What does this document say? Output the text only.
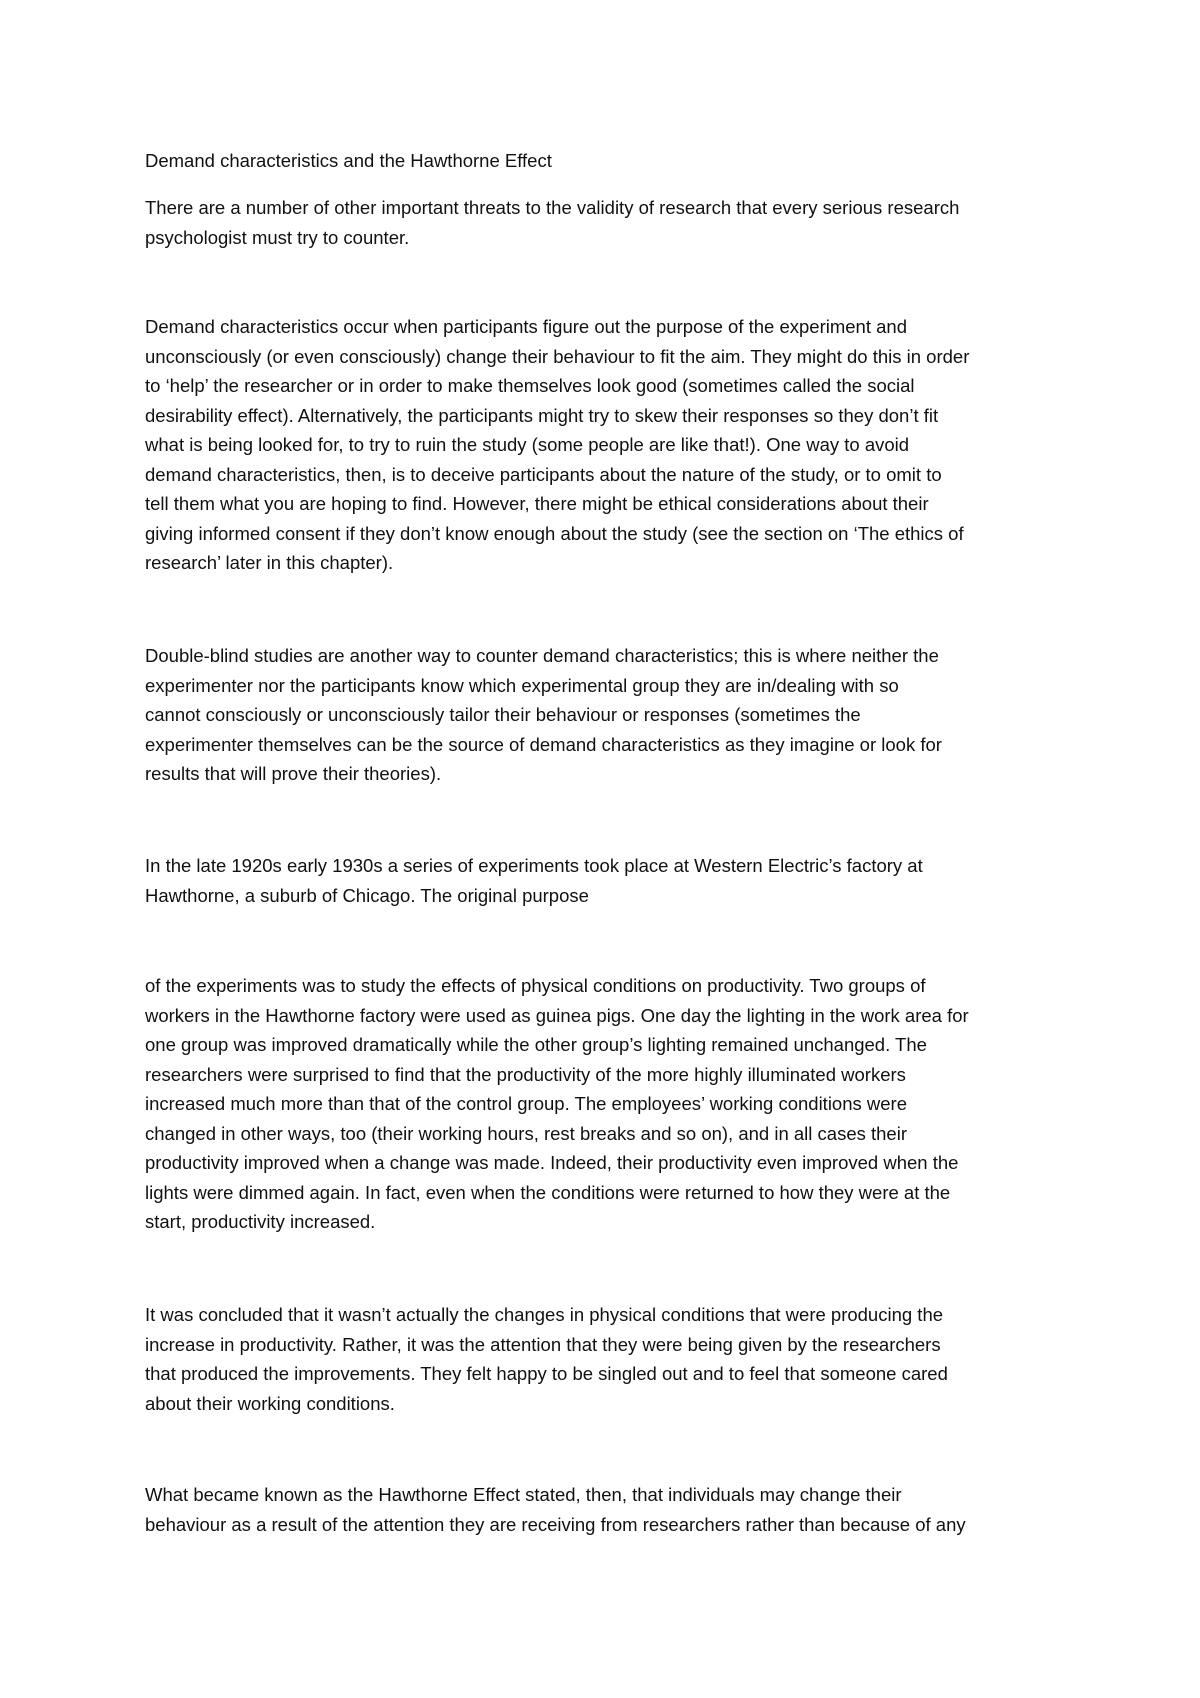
Demand characteristics and the Hawthorne Effect

There are a number of other important threats to the validity of research that every serious research
psychologist must try to counter.

Demand characteristics occur when participants figure out the purpose of the experiment and
unconsciously (or even consciously) change their behaviour to fit the aim. They might do this in order
to ‘help’ the researcher or in order to make themselves look good (sometimes called the social
desirability effect). Alternatively, the participants might try to skew their responses so they don’t fit
what is being looked for, to try to ruin the study (some people are like that!). One way to avoid
demand characteristics, then, is to deceive participants about the nature of the study, or to omit to
tell them what you are hoping to find. However, there might be ethical considerations about their
giving informed consent if they don’t know enough about the study (see the section on ‘The ethics of
research’ later in this chapter).

Double-blind studies are another way to counter demand characteristics; this is where neither the
experimenter nor the participants know which experimental group they are in/dealing with so
cannot consciously or unconsciously tailor their behaviour or responses (sometimes the
experimenter themselves can be the source of demand characteristics as they imagine or look for
results that will prove their theories).

In the late 1920s early 1930s a series of experiments took place at Western Electric’s factory at
Hawthorne, a suburb of Chicago. The original purpose

of the experiments was to study the effects of physical conditions on productivity. Two groups of
workers in the Hawthorne factory were used as guinea pigs. One day the lighting in the work area for
one group was improved dramatically while the other group’s lighting remained unchanged. The
researchers were surprised to find that the productivity of the more highly illuminated workers
increased much more than that of the control group. The employees’ working conditions were
changed in other ways, too (their working hours, rest breaks and so on), and in all cases their
productivity improved when a change was made. Indeed, their productivity even improved when the
lights were dimmed again. In fact, even when the conditions were returned to how they were at the
start, productivity increased.

It was concluded that it wasn’t actually the changes in physical conditions that were producing the
increase in productivity. Rather, it was the attention that they were being given by the researchers
that produced the improvements. They felt happy to be singled out and to feel that someone cared
about their working conditions.

What became known as the Hawthorne Effect stated, then, that individuals may change their
behaviour as a result of the attention they are receiving from researchers rather than because of any
